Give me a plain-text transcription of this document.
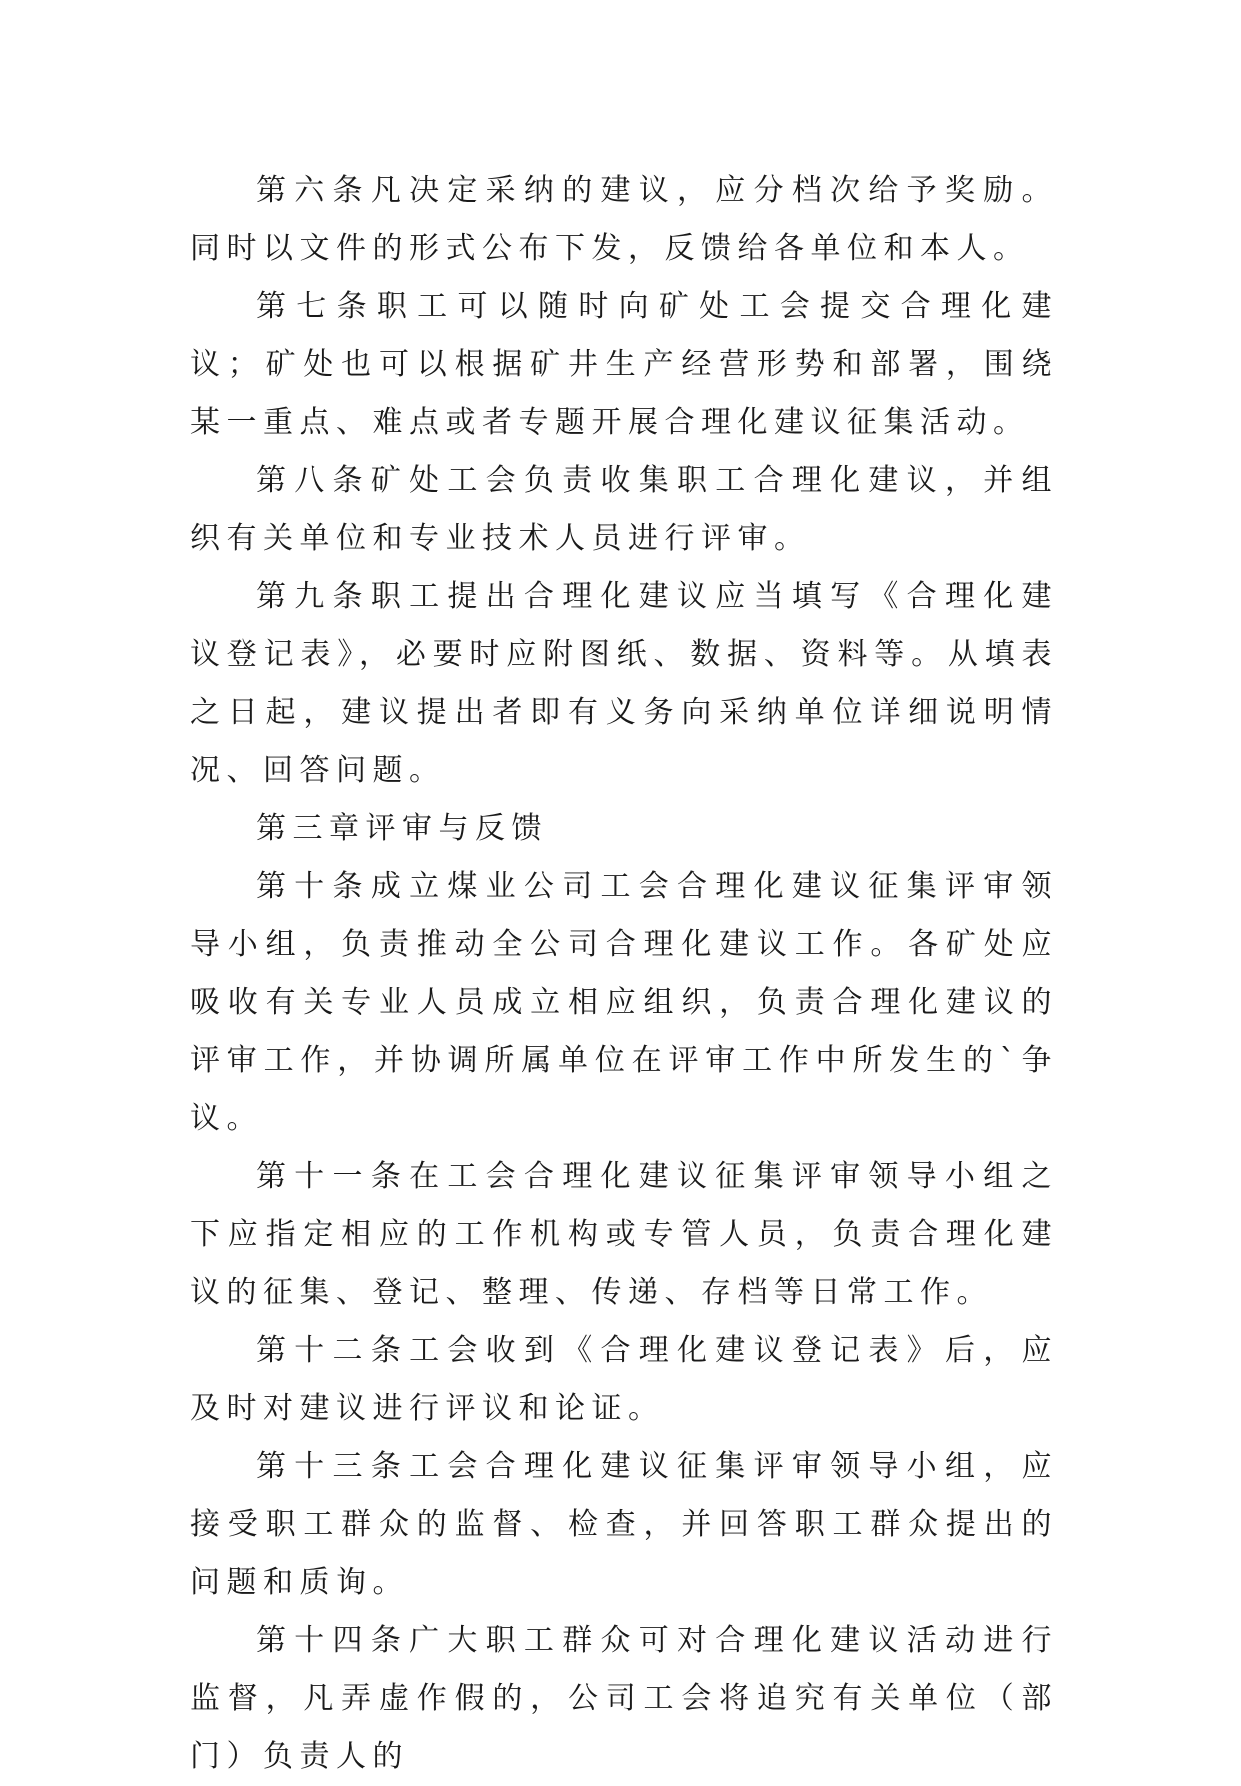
第六条凡决定采纳的建议，应分档次给予奖励。同时以文件的形式公布下发，反馈给各单位和本人。

第七条职工可以随时向矿处工会提交合理化建议；矿处也可以根据矿井生产经营形势和部署，围绕某一重点、难点或者专题开展合理化建议征集活动。

第八条矿处工会负责收集职工合理化建议，并组织有关单位和专业技术人员进行评审。

第九条职工提出合理化建议应当填写《合理化建议登记表》，必要时应附图纸、数据、资料等。从填表之日起，建议提出者即有义务向采纳单位详细说明情况、回答问题。

第三章评审与反馈

第十条成立煤业公司工会合理化建议征集评审领导小组，负责推动全公司合理化建议工作。各矿处应吸收有关专业人员成立相应组织，负责合理化建议的评审工作，并协调所属单位在评审工作中所发生的`争议。

第十一条在工会合理化建议征集评审领导小组之下应指定相应的工作机构或专管人员，负责合理化建议的征集、登记、整理、传递、存档等日常工作。

第十二条工会收到《合理化建议登记表》后，应及时对建议进行评议和论证。

第十三条工会合理化建议征集评审领导小组，应接受职工群众的监督、检查，并回答职工群众提出的问题和质询。

第十四条广大职工群众可对合理化建议活动进行监督，凡弄虚作假的，公司工会将追究有关单位（部门）负责人的
